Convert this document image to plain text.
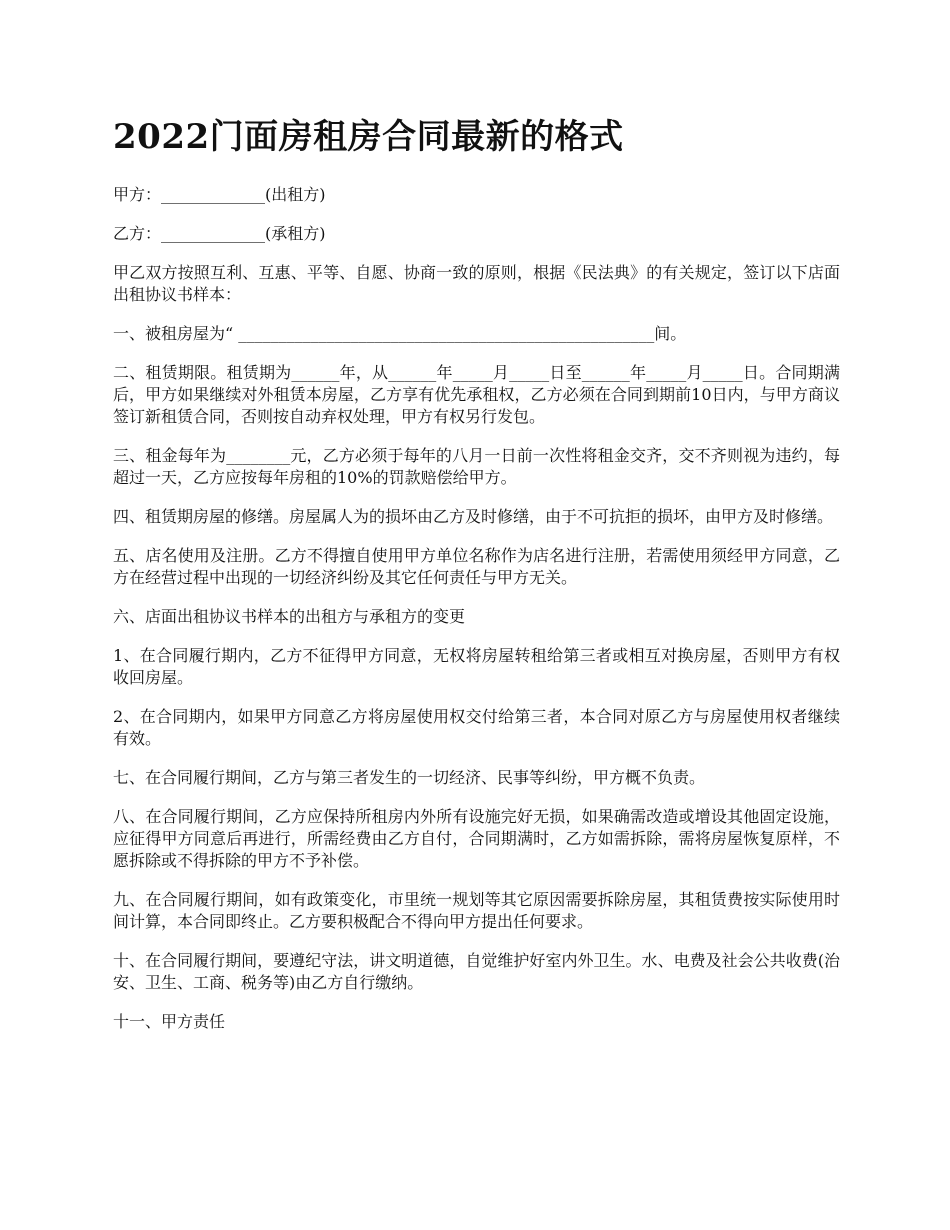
2022门面房租房合同最新的格式

甲方：_____________(出租方)

乙方：_____________(承租方)

甲乙双方按照互利、互惠、平等、自愿、协商一致的原则，根据《民法典》的有关规定，签订以下店面出租协议书样本：

一、被租房屋为“ ____________________________________________________间。

二、租赁期限。租赁期为______年，从______年_____月_____日至______年_____月_____日。合同期满后，甲方如果继续对外租赁本房屋，乙方享有优先承租权，乙方必须在合同到期前10日内，与甲方商议签订新租赁合同，否则按自动弃权处理，甲方有权另行发包。

三、租金每年为________元，乙方必须于每年的八月一日前一次性将租金交齐，交不齐则视为违约，每超过一天，乙方应按每年房租的10%的罚款赔偿给甲方。

四、租赁期房屋的修缮。房屋属人为的损坏由乙方及时修缮，由于不可抗拒的损坏，由甲方及时修缮。

五、店名使用及注册。乙方不得擅自使用甲方单位名称作为店名进行注册，若需使用须经甲方同意，乙方在经营过程中出现的一切经济纠纷及其它任何责任与甲方无关。

六、店面出租协议书样本的出租方与承租方的变更

1、在合同履行期内，乙方不征得甲方同意，无权将房屋转租给第三者或相互对换房屋，否则甲方有权收回房屋。

2、在合同期内，如果甲方同意乙方将房屋使用权交付给第三者，本合同对原乙方与房屋使用权者继续有效。

七、在合同履行期间，乙方与第三者发生的一切经济、民事等纠纷，甲方概不负责。

八、在合同履行期间，乙方应保持所租房内外所有设施完好无损，如果确需改造或增设其他固定设施，应征得甲方同意后再进行，所需经费由乙方自付，合同期满时，乙方如需拆除，需将房屋恢复原样，不愿拆除或不得拆除的甲方不予补偿。

九、在合同履行期间，如有政策变化，市里统一规划等其它原因需要拆除房屋，其租赁费按实际使用时间计算，本合同即终止。乙方要积极配合不得向甲方提出任何要求。

十、在合同履行期间，要遵纪守法，讲文明道德，自觉维护好室内外卫生。水、电费及社会公共收费(治安、卫生、工商、税务等)由乙方自行缴纳。

十一、甲方责任
